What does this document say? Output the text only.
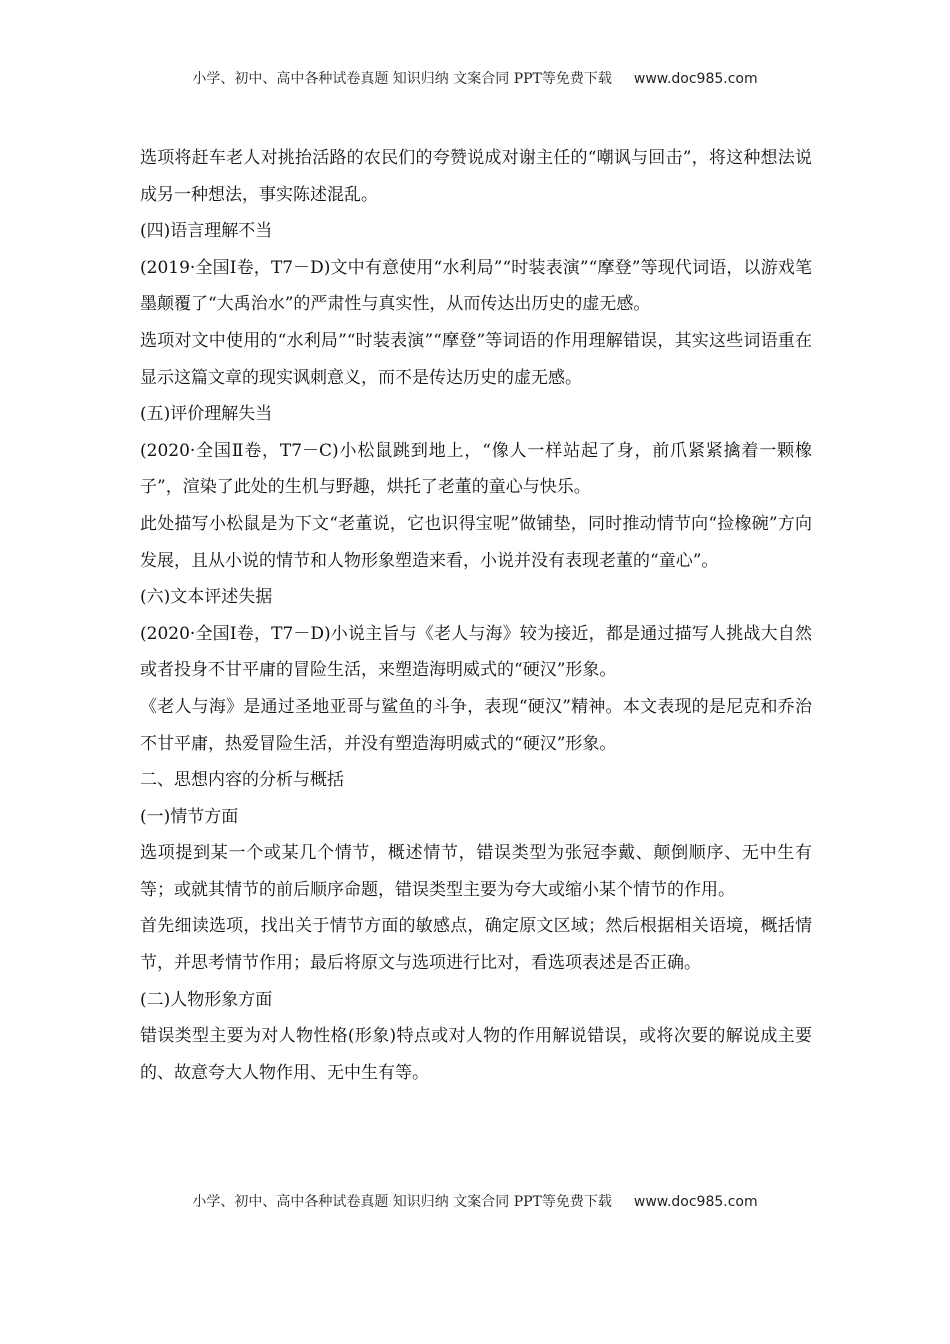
小学、初中、高中各种试卷真题 知识归纳 文案合同 PPT等免费下载 www.doc985.com

选项将赶车老人对挑抬活路的农民们的夸赞说成对谢主任的“嘲讽与回击”，将这种想法说成另一种想法，事实陈述混乱。

(四)语言理解不当

(2019·全国Ⅰ卷，T7－D)文中有意使用“水利局”“时装表演”“摩登”等现代词语，以游戏笔墨颠覆了“大禹治水”的严肃性与真实性，从而传达出历史的虚无感。

选项对文中使用的“水利局”“时装表演”“摩登”等词语的作用理解错误，其实这些词语重在显示这篇文章的现实讽刺意义，而不是传达历史的虚无感。

(五)评价理解失当

(2020·全国Ⅱ卷，T7－C)小松鼠跳到地上，“像人一样站起了身，前爪紧紧擒着一颗橡子”，渲染了此处的生机与野趣，烘托了老董的童心与快乐。

此处描写小松鼠是为下文“老董说，它也识得宝呢”做铺垫，同时推动情节向“捡橡碗”方向发展，且从小说的情节和人物形象塑造来看，小说并没有表现老董的“童心”。

(六)文本评述失据

(2020·全国Ⅰ卷，T7－D)小说主旨与《老人与海》较为接近，都是通过描写人挑战大自然或者投身不甘平庸的冒险生活，来塑造海明威式的“硬汉”形象。

《老人与海》是通过圣地亚哥与鲨鱼的斗争，表现“硬汉”精神。本文表现的是尼克和乔治不甘平庸，热爱冒险生活，并没有塑造海明威式的“硬汉”形象。

二、思想内容的分析与概括

(一)情节方面

选项提到某一个或某几个情节，概述情节，错误类型为张冠李戴、颠倒顺序、无中生有等；或就其情节的前后顺序命题，错误类型主要为夸大或缩小某个情节的作用。

首先细读选项，找出关于情节方面的敏感点，确定原文区域；然后根据相关语境，概括情节，并思考情节作用；最后将原文与选项进行比对，看选项表述是否正确。

(二)人物形象方面

错误类型主要为对人物性格(形象)特点或对人物的作用解说错误，或将次要的解说成主要的、故意夸大人物作用、无中生有等。

小学、初中、高中各种试卷真题 知识归纳 文案合同 PPT等免费下载 www.doc985.com
